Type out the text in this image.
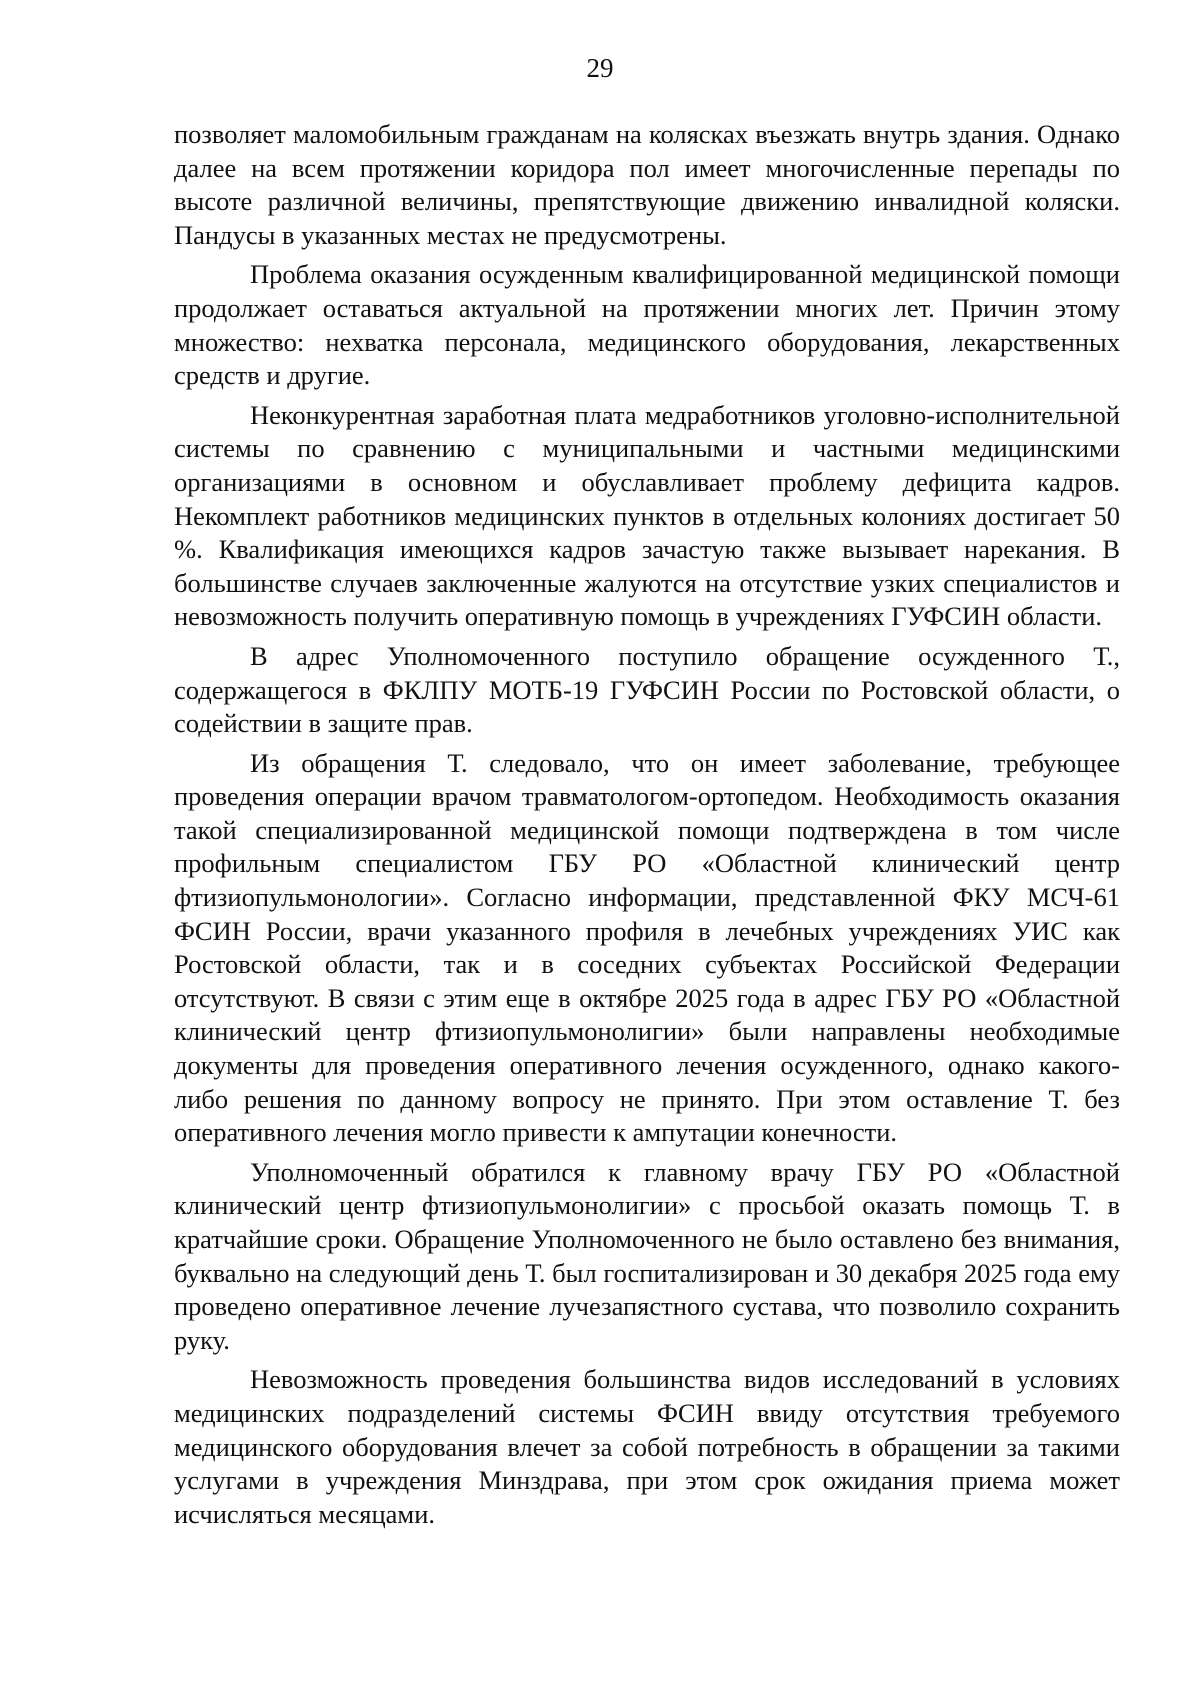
29

позволяет маломобильным гражданам на колясках въезжать внутрь здания. Однако далее на всем протяжении коридора пол имеет многочисленные перепады по высоте различной величины, препятствующие движению инвалидной коляски. Пандусы в указанных местах не предусмотрены.

Проблема оказания осужденным квалифицированной медицинской помощи продолжает оставаться актуальной на протяжении многих лет. Причин этому множество: нехватка персонала, медицинского оборудования, лекарственных средств и другие.

Неконкурентная заработная плата медработников уголовно-исполнительной системы по сравнению с муниципальными и частными медицинскими организациями в основном и обуславливает проблему дефицита кадров. Некомплект работников медицинских пунктов в отдельных колониях достигает 50 %. Квалификация имеющихся кадров зачастую также вызывает нарекания. В большинстве случаев заключенные жалуются на отсутствие узких специалистов и невозможность получить оперативную помощь в учреждениях ГУФСИН области.

В адрес Уполномоченного поступило обращение осужденного Т., содержащегося в ФКЛПУ МОТБ-19 ГУФСИН России по Ростовской области, о содействии в защите прав.

Из обращения Т. следовало, что он имеет заболевание, требующее проведения операции врачом травматологом-ортопедом. Необходимость оказания такой специализированной медицинской помощи подтверждена в том числе профильным специалистом ГБУ РО «Областной клинический центр фтизиопульмонологии». Согласно информации, представленной ФКУ МСЧ-61 ФСИН России, врачи указанного профиля в лечебных учреждениях УИС как Ростовской области, так и в соседних субъектах Российской Федерации отсутствуют. В связи с этим еще в октябре 2025 года в адрес ГБУ РО «Областной клинический центр фтизиопульмонолигии» были направлены необходимые документы для проведения оперативного лечения осужденного, однако какого-либо решения по данному вопросу не принято. При этом оставление Т. без оперативного лечения могло привести к ампутации конечности.

Уполномоченный обратился к главному врачу ГБУ РО «Областной клинический центр фтизиопульмонолигии» с просьбой оказать помощь Т. в кратчайшие сроки. Обращение Уполномоченного не было оставлено без внимания, буквально на следующий день Т. был госпитализирован и 30 декабря 2025 года ему проведено оперативное лечение лучезапястного сустава, что позволило сохранить руку.

Невозможность проведения большинства видов исследований в условиях медицинских подразделений системы ФСИН ввиду отсутствия требуемого медицинского оборудования влечет за собой потребность в обращении за такими услугами в учреждения Минздрава, при этом срок ожидания приема может исчисляться месяцами.
